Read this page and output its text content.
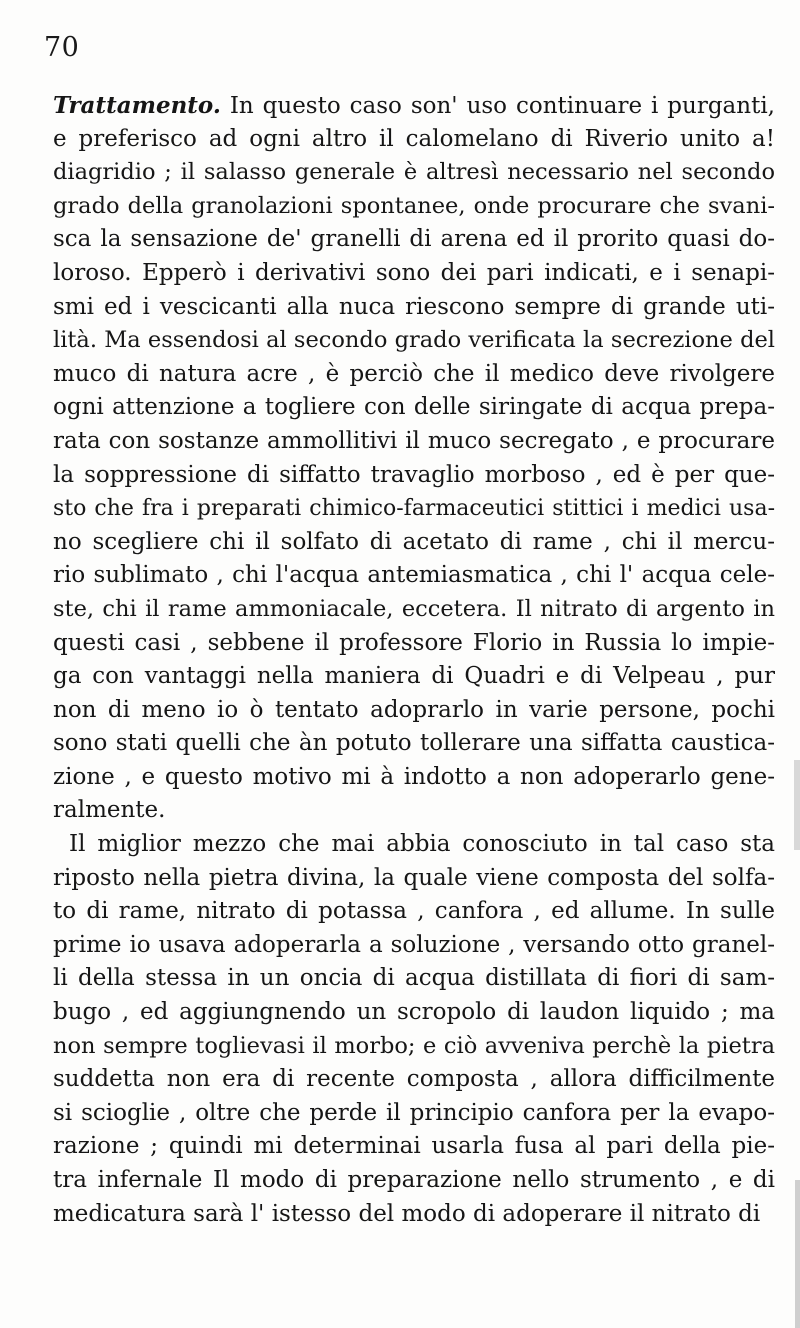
70
Trattamento. In questo caso son' uso continuare i purganti,
e preferisco ad ogni altro il calomelano di Riverio unito a!
diagridio ; il salasso generale è altresì necessario nel secondo
grado della granolazioni spontanee, onde procurare che svani-
sca la sensazione de' granelli di arena ed il prorito quasi do-
loroso. Epperò i derivativi sono dei pari indicati, e i senapi-
smi ed i vescicanti alla nuca riescono sempre di grande uti-
lità. Ma essendosi al secondo grado verificata la secrezione del
muco di natura acre , è perciò che il medico deve rivolgere
ogni attenzione a togliere con delle siringate di acqua prepa-
rata con sostanze ammollitivi il muco secregato , e procurare
la soppressione di siffatto travaglio morboso , ed è per que-
sto che fra i preparati chimico-farmaceutici stittici i medici usa-
no scegliere chi il solfato di acetato di rame , chi il mercu-
rio sublimato , chi l'acqua antemiasmatica , chi l' acqua cele-
ste, chi il rame ammoniacale, eccetera. Il nitrato di argento in
questi casi , sebbene il professore Florio in Russia lo impie-
ga con vantaggi nella maniera di Quadri e di Velpeau , pur
non di meno io ò tentato adoprarlo in varie persone, pochi
sono stati quelli che àn potuto tollerare una siffatta caustica-
zione , e questo motivo mi à indotto a non adoperarlo gene-
ralmente.
Il miglior mezzo che mai abbia conosciuto in tal caso sta
riposto nella pietra divina, la quale viene composta del solfa-
to di rame, nitrato di potassa , canfora , ed allume. In sulle
prime io usava adoperarla a soluzione , versando otto granel-
li della stessa in un oncia di acqua distillata di fiori di sam-
bugo , ed aggiungnendo un scropolo di laudon liquido ; ma
non sempre toglievasi il morbo; e ciò avveniva perchè la pietra
suddetta non era di recente composta , allora difficilmente
si scioglie , oltre che perde il principio canfora per la evapo-
razione ; quindi mi determinai usarla fusa al pari della pie-
tra infernale Il modo di preparazione nello strumento , e di
medicatura sarà l' istesso del modo di adoperare il nitrato di
